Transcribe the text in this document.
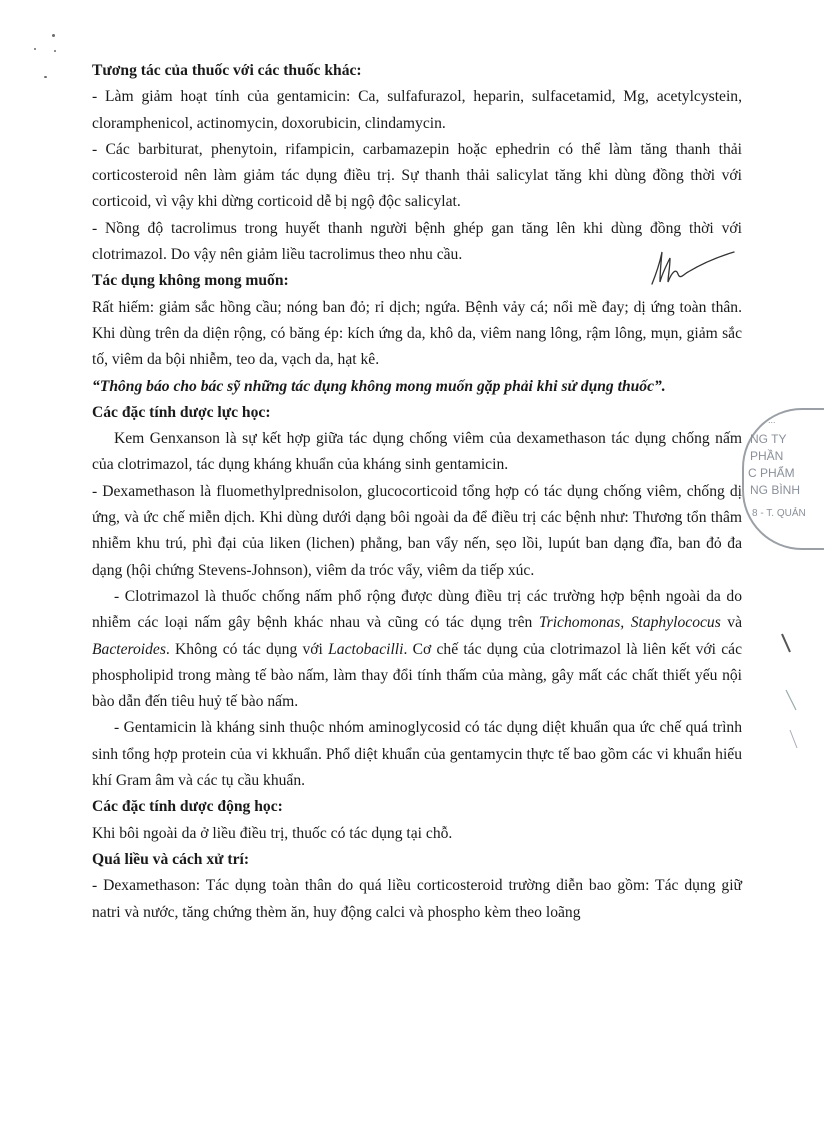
Tương tác của thuốc với các thuốc khác:

- Làm giảm hoạt tính của gentamicin: Ca, sulfafurazol, heparin, sulfacetamid, Mg, acetylcystein, cloramphenicol, actinomycin, doxorubicin, clindamycin.

- Các barbiturat, phenytoin, rifampicin, carbamazepin hoặc ephedrin có thể làm tăng thanh thải corticosteroid nên làm giảm tác dụng điều trị. Sự thanh thải salicylat tăng khi dùng đồng thời với corticoid, vì vậy khi dừng corticoid dễ bị ngộ độc salicylat.

- Nồng độ tacrolimus trong huyết thanh người bệnh ghép gan tăng lên khi dùng đồng thời với clotrimazol. Do vậy nên giảm liều tacrolimus theo nhu cầu.

Tác dụng không mong muốn:

Rất hiếm: giảm sắc hồng cầu; nóng ban đỏ; rỉ dịch; ngứa. Bệnh vảy cá; nổi mề đay; dị ứng toàn thân. Khi dùng trên da diện rộng, có băng ép: kích ứng da, khô da, viêm nang lông, rậm lông, mụn, giảm sắc tố, viêm da bội nhiễm, teo da, vạch da, hạt kê.

“Thông báo cho bác sỹ những tác dụng không mong muốn gặp phải khi sử dụng thuốc”.

Các đặc tính dược lực học:

Kem Genxanson là sự kết hợp giữa tác dụng chống viêm của dexamethason tác dụng chống nấm của clotrimazol, tác dụng kháng khuẩn của kháng sinh gentamicin.

- Dexamethason là fluomethylprednisolon, glucocorticoid tổng hợp có tác dụng chống viêm, chống dị ứng, và ức chế miễn dịch. Khi dùng dưới dạng bôi ngoài da để điều trị các bệnh như: Thương tổn thâm nhiễm khu trú, phì đại của liken (lichen) phẳng, ban vẩy nến, sẹo lồi, lupút ban dạng đĩa, ban đỏ đa dạng (hội chứng Stevens-Johnson), viêm da tróc vẩy, viêm da tiếp xúc.

- Clotrimazol là thuốc chống nấm phổ rộng được dùng điều trị các trường hợp bệnh ngoài da do nhiễm các loại nấm gây bệnh khác nhau và cũng có tác dụng trên Trichomonas, Staphylococus và Bacteroides. Không có tác dụng với Lactobacilli. Cơ chế tác dụng của clotrimazol là liên kết với các phospholipid trong màng tế bào nấm, làm thay đổi tính thấm của màng, gây mất các chất thiết yếu nội bào dẫn đến tiêu huỷ tế bào nấm.

- Gentamicin là kháng sinh thuộc nhóm aminoglycosid có tác dụng diệt khuẩn qua ức chế quá trình sinh tổng hợp protein của vi kkhuẩn. Phổ diệt khuẩn của gentamycin thực tế bao gồm các vi khuẩn hiếu khí Gram âm và các tụ cầu khuẩn.

Các đặc tính dược động học:

Khi bôi ngoài da ở liều điều trị, thuốc có tác dụng tại chỗ.

Quá liều và cách xử trí:

- Dexamethason: Tác dụng toàn thân do quá liều corticosteroid trường diễn bao gồm: Tác dụng giữ natri và nước, tăng chứng thèm ăn, huy động calci và phospho kèm theo loãng

...
NG TY
PHẦN
C PHẨM
NG BÌNH
8 - T. QUẢN
